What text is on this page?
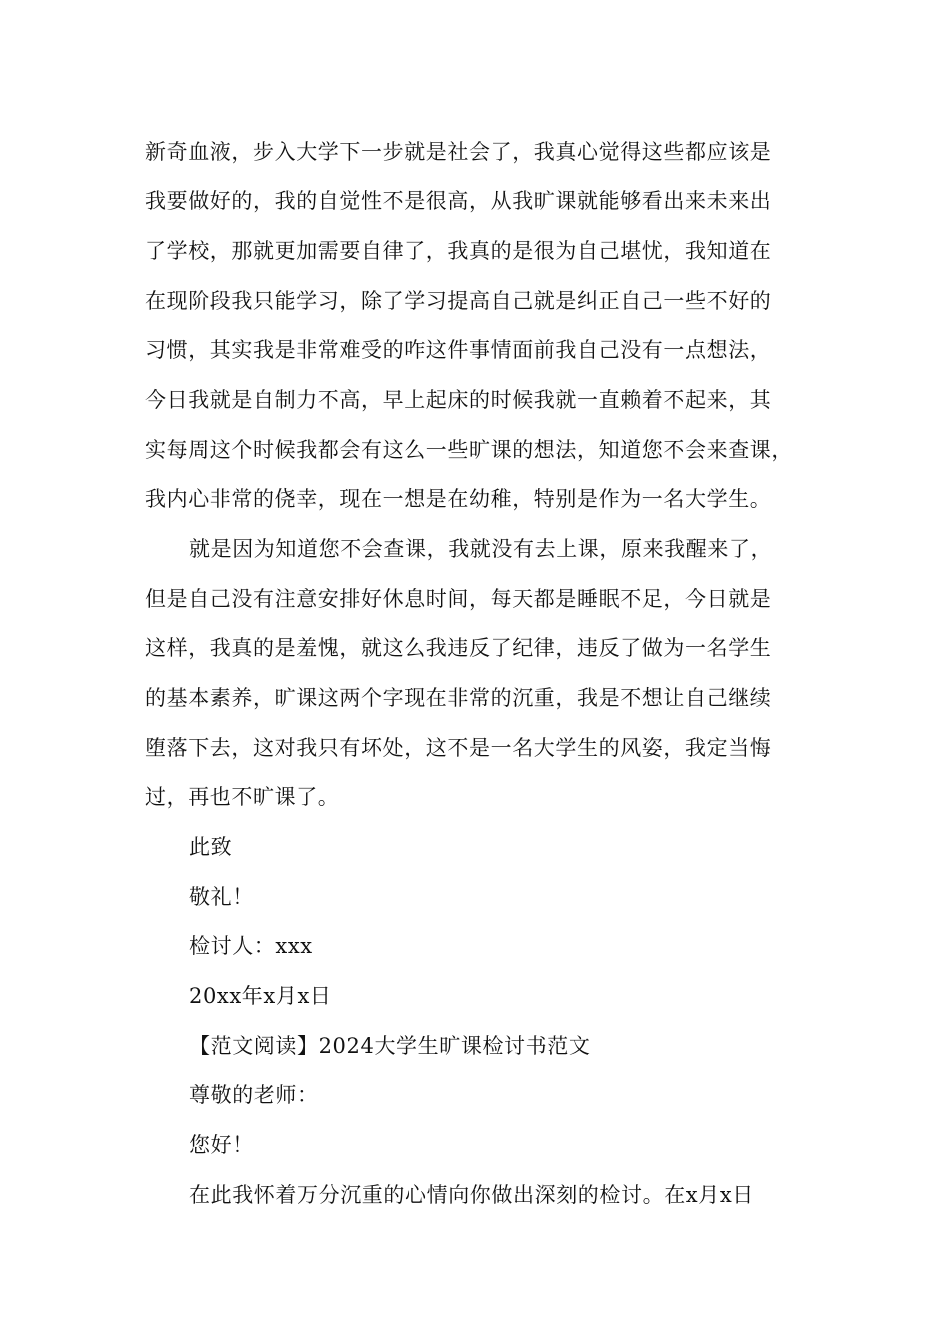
新奇血液，步入大学下一步就是社会了，我真心觉得这些都应该是
我要做好的，我的自觉性不是很高，从我旷课就能够看出来未来出
了学校，那就更加需要自律了，我真的是很为自己堪忧，我知道在
在现阶段我只能学习，除了学习提高自己就是纠正自己一些不好的
习惯，其实我是非常难受的咋这件事情面前我自己没有一点想法，
今日我就是自制力不高，早上起床的时候我就一直赖着不起来，其
实每周这个时候我都会有这么一些旷课的想法，知道您不会来查课，
我内心非常的侥幸，现在一想是在幼稚，特别是作为一名大学生。
就是因为知道您不会查课，我就没有去上课，原来我醒来了，
但是自己没有注意安排好休息时间，每天都是睡眠不足，今日就是
这样，我真的是羞愧，就这么我违反了纪律，违反了做为一名学生
的基本素养，旷课这两个字现在非常的沉重，我是不想让自己继续
堕落下去，这对我只有坏处，这不是一名大学生的风姿，我定当悔
过，再也不旷课了。
此致
敬礼！
检讨人：xxx
20xx年x月x日
【范文阅读】2024大学生旷课检讨书范文
尊敬的老师：
您好！
在此我怀着万分沉重的心情向你做出深刻的检讨。在x月x日
